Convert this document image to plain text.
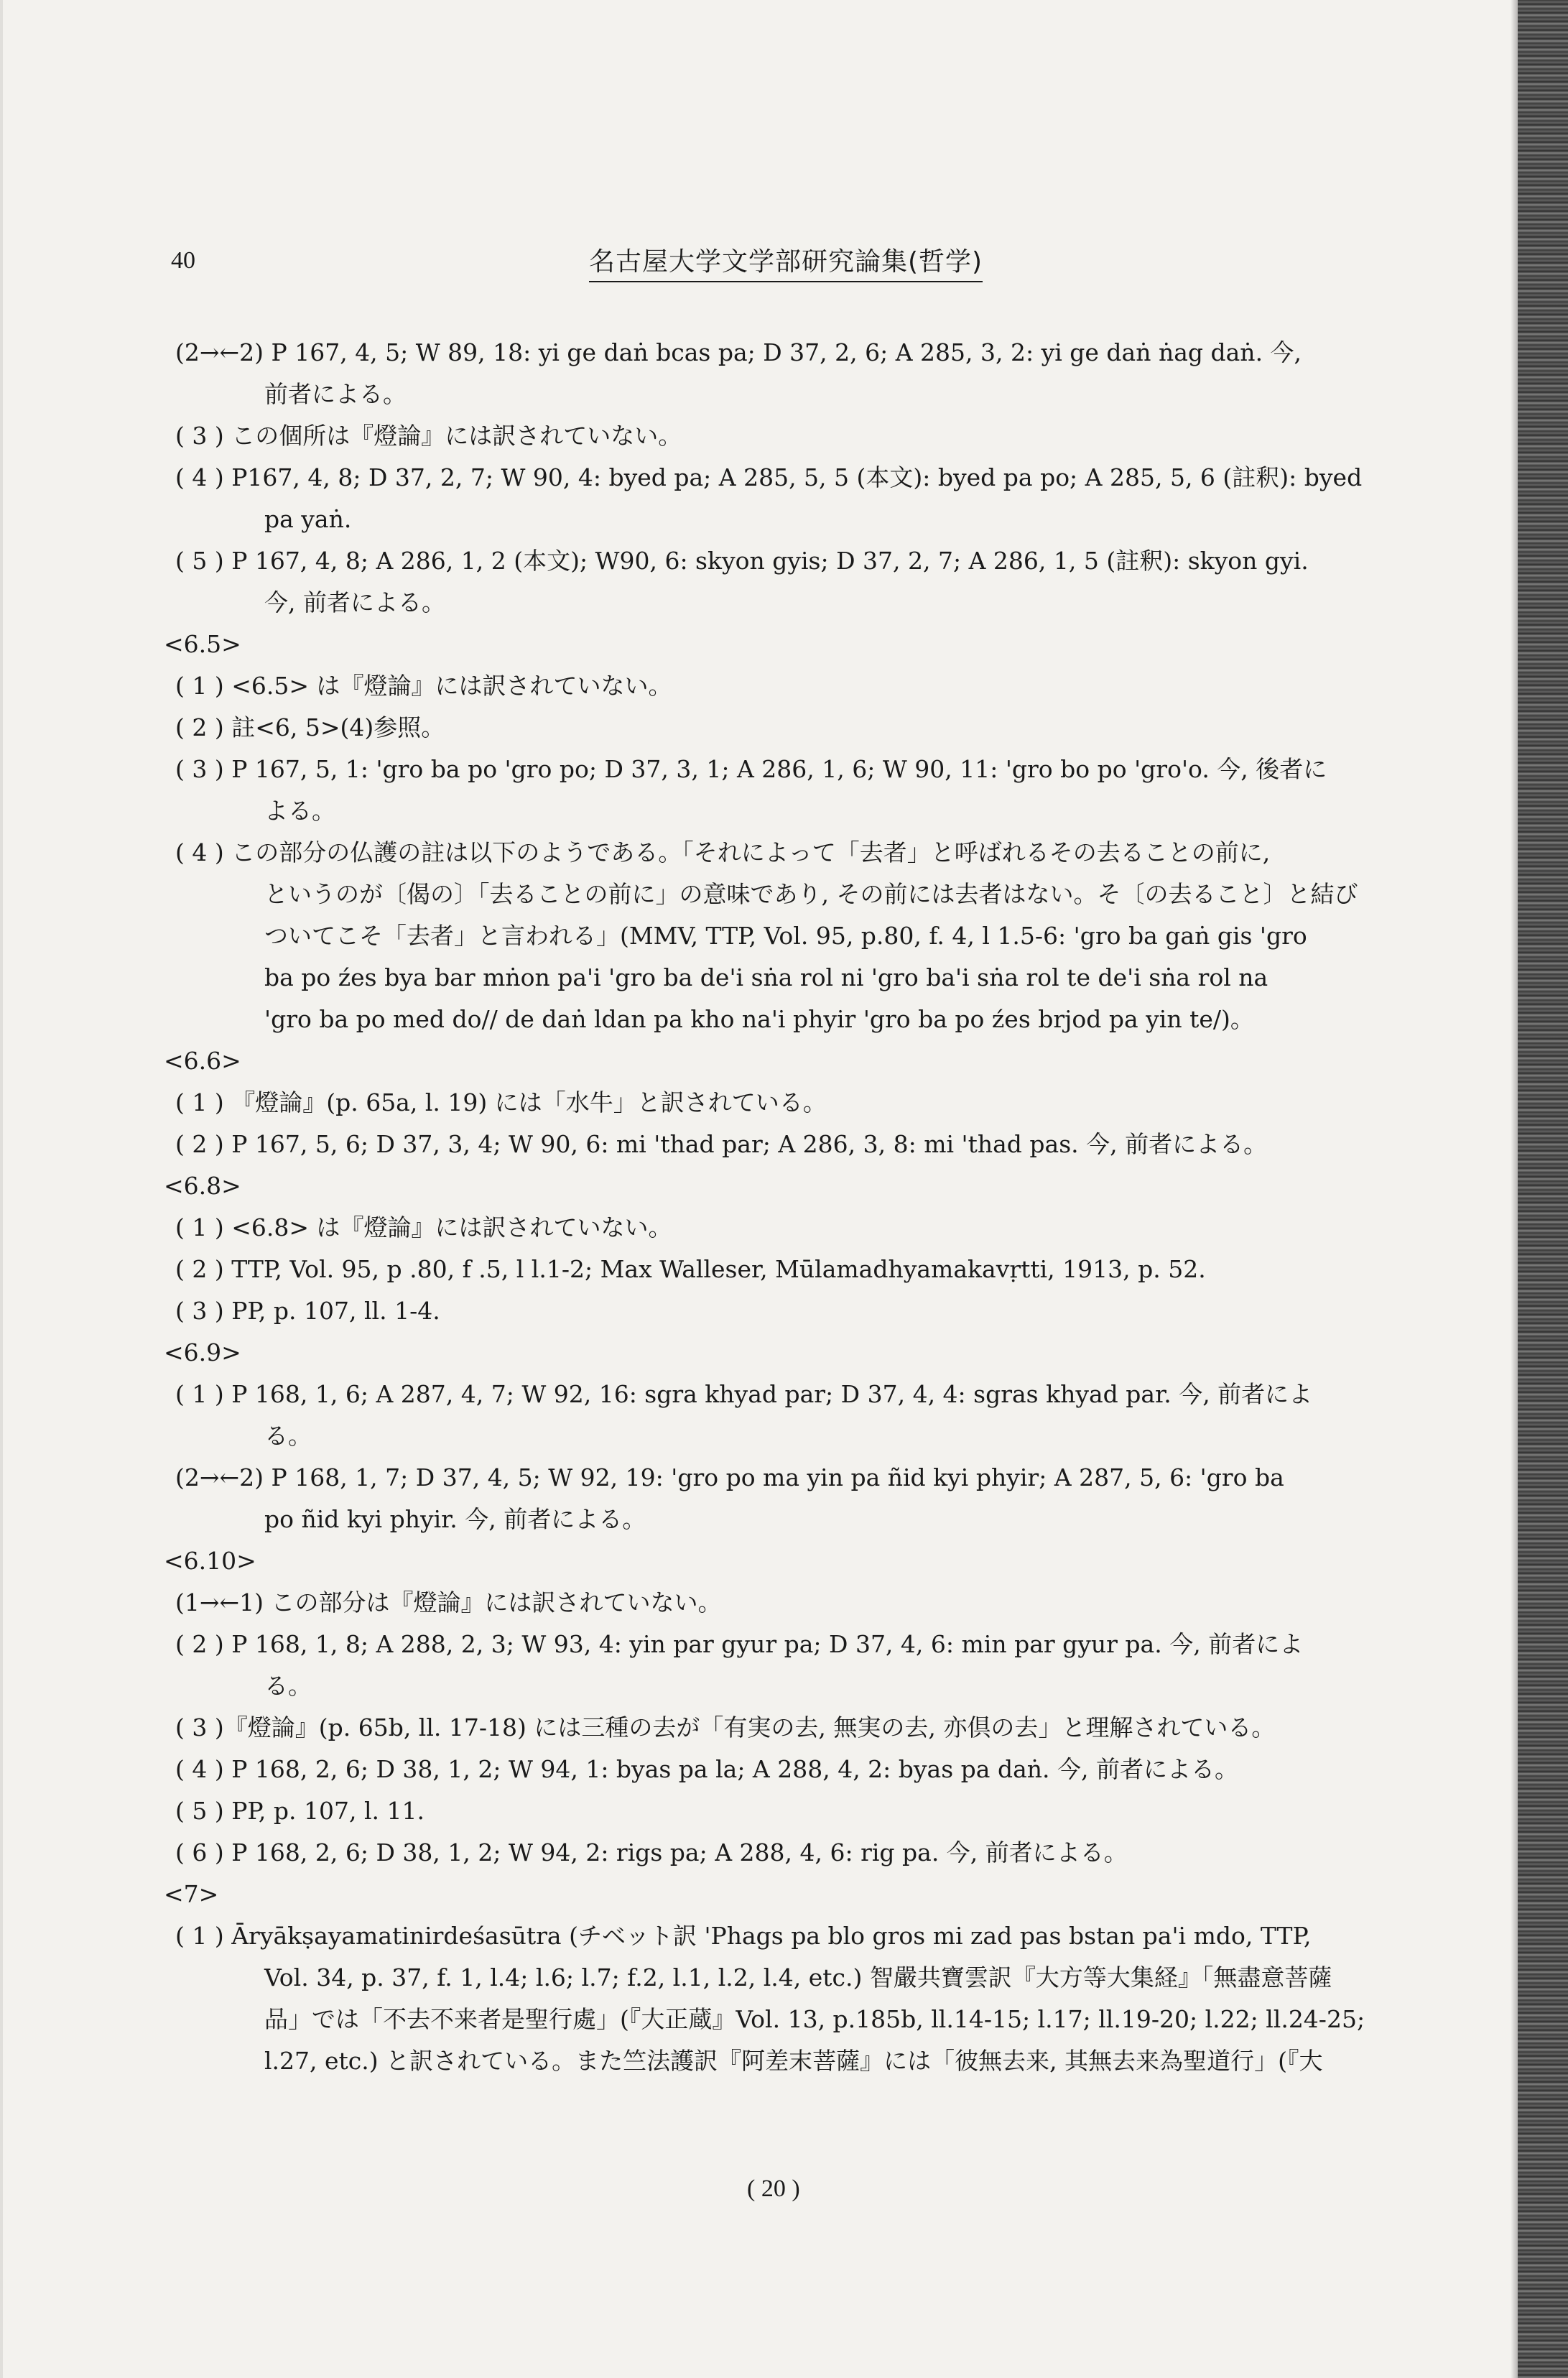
40	名古屋大学文学部研究論集(哲学)
(2→←2) P 167, 4, 5; W 89, 18: yi ge daṅ bcas pa; D 37, 2, 6; A 285, 3, 2: yi ge daṅ ṅag daṅ. 今,
前者による。
( 3 ) この個所は『燈論』には訳されていない。
( 4 ) P167, 4, 8; D 37, 2, 7; W 90, 4: byed pa; A 285, 5, 5 (本文): byed pa po; A 285, 5, 6 (註釈): byed
pa yaṅ.
( 5 ) P 167, 4, 8; A 286, 1, 2 (本文); W90, 6: skyon gyis; D 37, 2, 7; A 286, 1, 5 (註釈): skyon gyi.
今, 前者による。
<6.5>
( 1 ) <6.5> は『燈論』には訳されていない。
( 2 ) 註<6, 5>(4)参照。
( 3 ) P 167, 5, 1: 'gro ba po 'gro po; D 37, 3, 1; A 286, 1, 6; W 90, 11: 'gro bo po 'gro'o. 今, 後者に
よる。
( 4 ) この部分の仏護の註は以下のようである。「それによって「去者」と呼ばれるその去ることの前に,
というのが〔偈の〕「去ることの前に」の意味であり, その前には去者はない。そ〔の去ること〕と結び
ついてこそ「去者」と言われる」(MMV, TTP, Vol. 95, p.80, f. 4, l 1.5-6: 'gro ba gaṅ gis 'gro
ba po źes bya bar mṅon pa'i 'gro ba de'i sṅa rol ni 'gro ba'i sṅa rol te de'i sṅa rol na
'gro ba po med do// de daṅ ldan pa kho na'i phyir 'gro ba po źes brjod pa yin te/)。
<6.6>
( 1 ) 『燈論』(p. 65a, l. 19) には「水牛」と訳されている。
( 2 ) P 167, 5, 6; D 37, 3, 4; W 90, 6: mi 'thad par; A 286, 3, 8: mi 'thad pas. 今, 前者による。
<6.8>
( 1 ) <6.8> は『燈論』には訳されていない。
( 2 ) TTP, Vol. 95, p .80, f .5, l l.1-2; Max Walleser, Mūlamadhyamakavṛtti, 1913, p. 52.
( 3 ) PP, p. 107, ll. 1-4.
<6.9>
( 1 ) P 168, 1, 6; A 287, 4, 7; W 92, 16: sgra khyad par; D 37, 4, 4: sgras khyad par. 今, 前者によ
る。
(2→←2) P 168, 1, 7; D 37, 4, 5; W 92, 19: 'gro po ma yin pa ñid kyi phyir; A 287, 5, 6: 'gro ba
po ñid kyi phyir. 今, 前者による。
<6.10>
(1→←1) この部分は『燈論』には訳されていない。
( 2 ) P 168, 1, 8; A 288, 2, 3; W 93, 4: yin par gyur pa; D 37, 4, 6: min par gyur pa. 今, 前者によ
る。
( 3 )『燈論』(p. 65b, ll. 17-18) には三種の去が「有実の去, 無実の去, 亦倶の去」と理解されている。
( 4 ) P 168, 2, 6; D 38, 1, 2; W 94, 1: byas pa la; A 288, 4, 2: byas pa daṅ. 今, 前者による。
( 5 ) PP, p. 107, l. 11.
( 6 ) P 168, 2, 6; D 38, 1, 2; W 94, 2: rigs pa; A 288, 4, 6: rig pa. 今, 前者による。
<7>
( 1 ) Āryākṣayamatinirdeśasūtra (チベット訳 'Phags pa blo gros mi zad pas bstan pa'i mdo, TTP,
Vol. 34, p. 37, f. 1, l.4; l.6; l.7; f.2, l.1, l.2, l.4, etc.) 智嚴共寶雲訳『大方等大集経』「無盡意菩薩
品」では「不去不来者是聖行處」(『大正蔵』Vol. 13, p.185b, ll.14-15; l.17; ll.19-20; l.22; ll.24-25;
l.27, etc.) と訳されている。また竺法護訳『阿差末菩薩』には「彼無去来, 其無去来為聖道行」(『大
( 20 )
